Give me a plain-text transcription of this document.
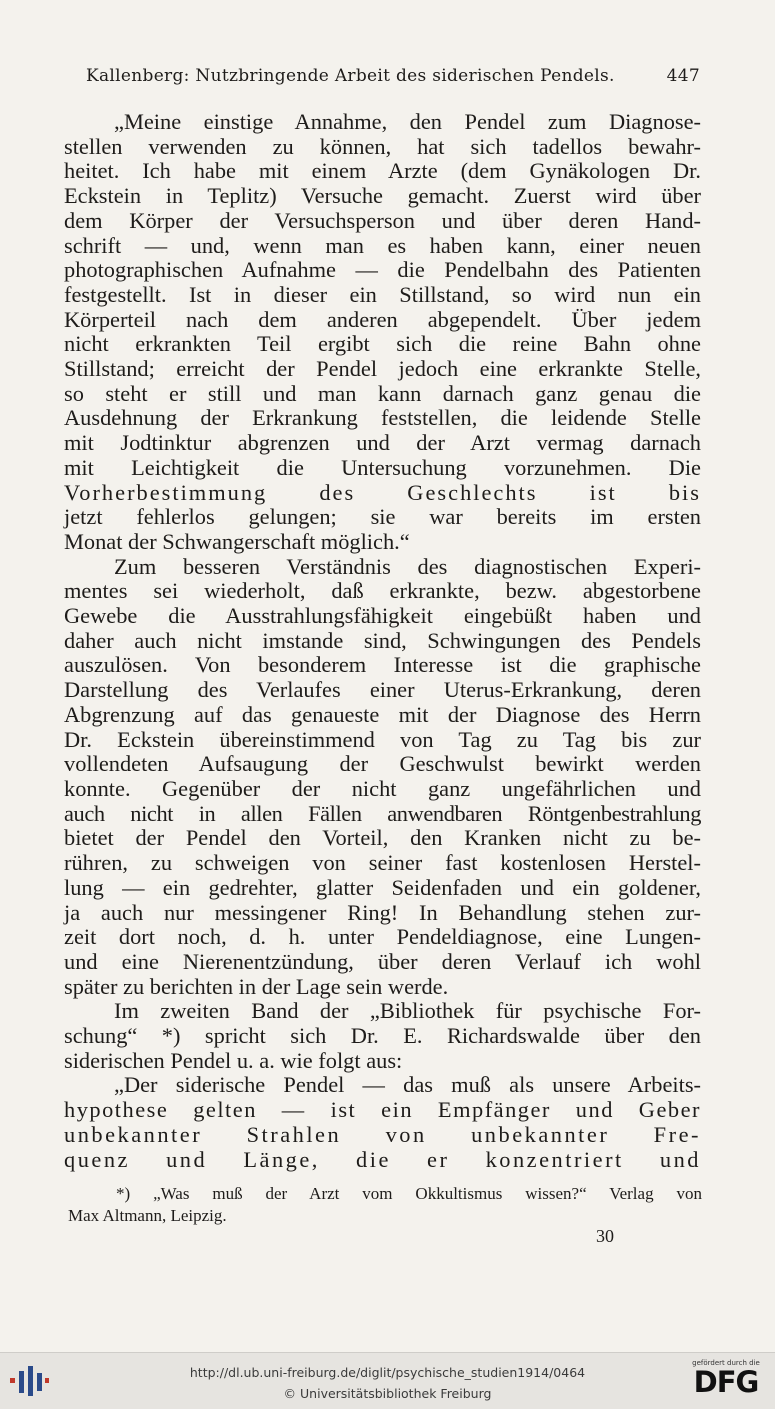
Kallenberg: Nutzbringende Arbeit des siderischen Pendels.	447
„Meine einstige Annahme, den Pendel zum Diagnose-
stellen verwenden zu können, hat sich tadellos bewahr-
heitet. Ich habe mit einem Arzte (dem Gynäkologen Dr.
Eckstein in Teplitz) Versuche gemacht. Zuerst wird über
dem Körper der Versuchsperson und über deren Hand-
schrift — und, wenn man es haben kann, einer neuen
photographischen Aufnahme — die Pendelbahn des Patienten
festgestellt. Ist in dieser ein Stillstand, so wird nun ein
Körperteil nach dem anderen abgependelt. Über jedem
nicht erkrankten Teil ergibt sich die reine Bahn ohne
Stillstand; erreicht der Pendel jedoch eine erkrankte Stelle,
so steht er still und man kann darnach ganz genau die
Ausdehnung der Erkrankung feststellen, die leidende Stelle
mit Jodtinktur abgrenzen und der Arzt vermag darnach
mit Leichtigkeit die Untersuchung vorzunehmen. Die
Vorherbestimmung des Geschlechts ist bis
jetzt fehlerlos gelungen; sie war bereits im ersten
Monat der Schwangerschaft möglich.“
Zum besseren Verständnis des diagnostischen Experi-
mentes sei wiederholt, daß erkrankte, bezw. abgestorbene
Gewebe die Ausstrahlungsfähigkeit eingebüßt haben und
daher auch nicht imstande sind, Schwingungen des Pendels
auszulösen. Von besonderem Interesse ist die graphische
Darstellung des Verlaufes einer Uterus-Erkrankung, deren
Abgrenzung auf das genaueste mit der Diagnose des Herrn
Dr. Eckstein übereinstimmend von Tag zu Tag bis zur
vollendeten Aufsaugung der Geschwulst bewirkt werden
konnte. Gegenüber der nicht ganz ungefährlichen und
auch nicht in allen Fällen anwendbaren Röntgenbestrahlung
bietet der Pendel den Vorteil, den Kranken nicht zu be-
rühren, zu schweigen von seiner fast kostenlosen Herstel-
lung — ein gedrehter, glatter Seidenfaden und ein goldener,
ja auch nur messingener Ring! In Behandlung stehen zur-
zeit dort noch, d. h. unter Pendeldiagnose, eine Lungen-
und eine Nierenentzündung, über deren Verlauf ich wohl
später zu berichten in der Lage sein werde.
Im zweiten Band der „Bibliothek für psychische For-
schung“ *) spricht sich Dr. E. Richardswalde über den
siderischen Pendel u. a. wie folgt aus:
„Der siderische Pendel — das muß als unsere Arbeits-
hypothese gelten — ist ein Empfänger und Geber
unbekannter Strahlen von unbekannter Fre-
quenz und Länge, die er konzentriert und
*) „Was muß der Arzt vom Okkultismus wissen?“ Verlag von
Max Altmann, Leipzig.
30
http://dl.ub.uni-freiburg.de/diglit/psychische_studien1914/0464
© Universitätsbibliothek Freiburg
gefördert durch die
DFG
